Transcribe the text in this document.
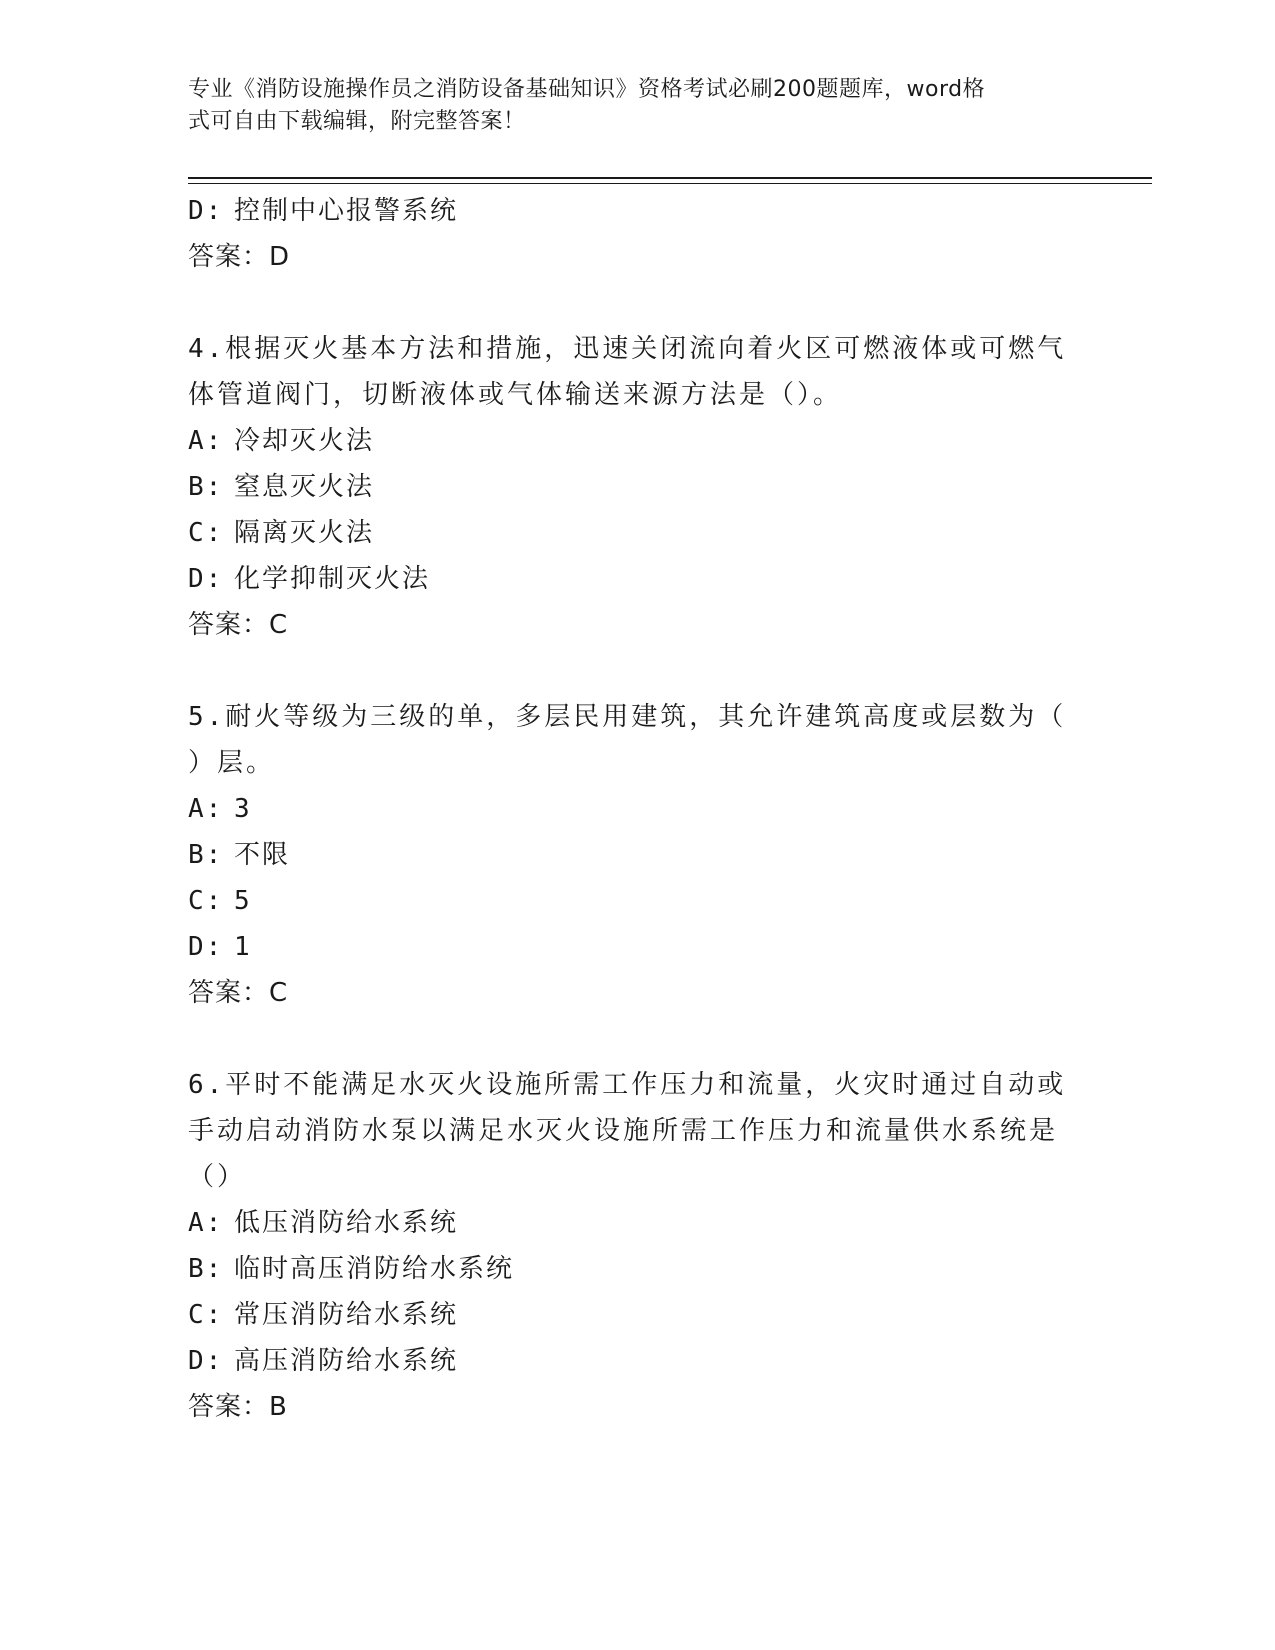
专业《消防设施操作员之消防设备基础知识》资格考试必刷200题题库，word格
式可自由下载编辑，附完整答案！
D: 控制中心报警系统
答案：D
4.根据灭火基本方法和措施，迅速关闭流向着火区可燃液体或可燃气
体管道阀门，切断液体或气体输送来源方法是（）。
A: 冷却灭火法
B: 窒息灭火法
C: 隔离灭火法
D: 化学抑制灭火法
答案：C
5.耐火等级为三级的单，多层民用建筑，其允许建筑高度或层数为（
）层。
A: 3
B: 不限
C: 5
D: 1
答案：C
6.平时不能满足水灭火设施所需工作压力和流量，火灾时通过自动或
手动启动消防水泵以满足水灭火设施所需工作压力和流量供水系统是
（）
A: 低压消防给水系统
B: 临时高压消防给水系统
C: 常压消防给水系统
D: 高压消防给水系统
答案：B
